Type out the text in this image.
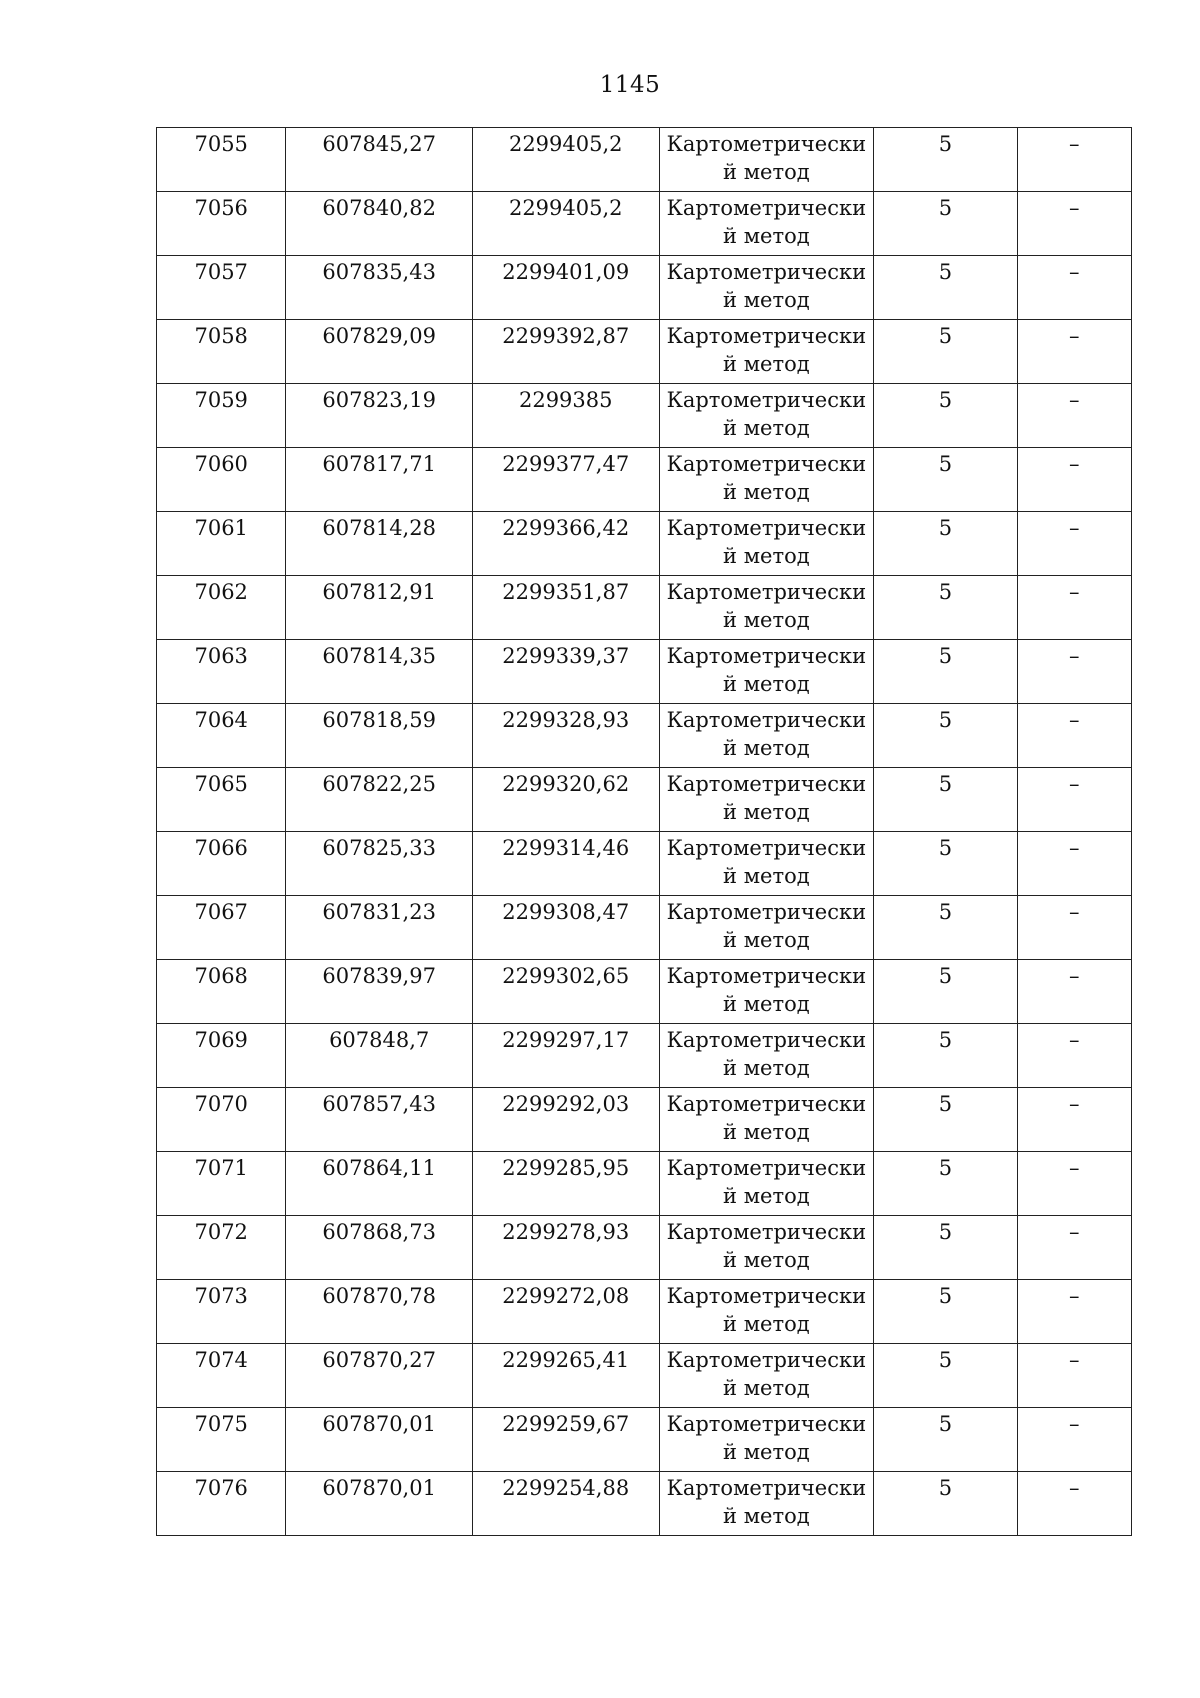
1145
7055	607845,27	2299405,2	Картометрически
й метод	5	–

7056	607840,82	2299405,2	Картометрически
й метод	5	–

7057	607835,43	2299401,09	Картометрически
й метод	5	–

7058	607829,09	2299392,87	Картометрически
й метод	5	–

7059	607823,19	2299385	Картометрически
й метод	5	–

7060	607817,71	2299377,47	Картометрически
й метод	5	–

7061	607814,28	2299366,42	Картометрически
й метод	5	–

7062	607812,91	2299351,87	Картометрически
й метод	5	–

7063	607814,35	2299339,37	Картометрически
й метод	5	–

7064	607818,59	2299328,93	Картометрически
й метод	5	–

7065	607822,25	2299320,62	Картометрически
й метод	5	–

7066	607825,33	2299314,46	Картометрически
й метод	5	–

7067	607831,23	2299308,47	Картометрически
й метод	5	–

7068	607839,97	2299302,65	Картометрически
й метод	5	–

7069	607848,7	2299297,17	Картометрически
й метод	5	–

7070	607857,43	2299292,03	Картометрически
й метод	5	–

7071	607864,11	2299285,95	Картометрически
й метод	5	–

7072	607868,73	2299278,93	Картометрически
й метод	5	–

7073	607870,78	2299272,08	Картометрически
й метод	5	–

7074	607870,27	2299265,41	Картометрически
й метод	5	–

7075	607870,01	2299259,67	Картометрически
й метод	5	–

7076	607870,01	2299254,88	Картометрически
й метод	5	–
